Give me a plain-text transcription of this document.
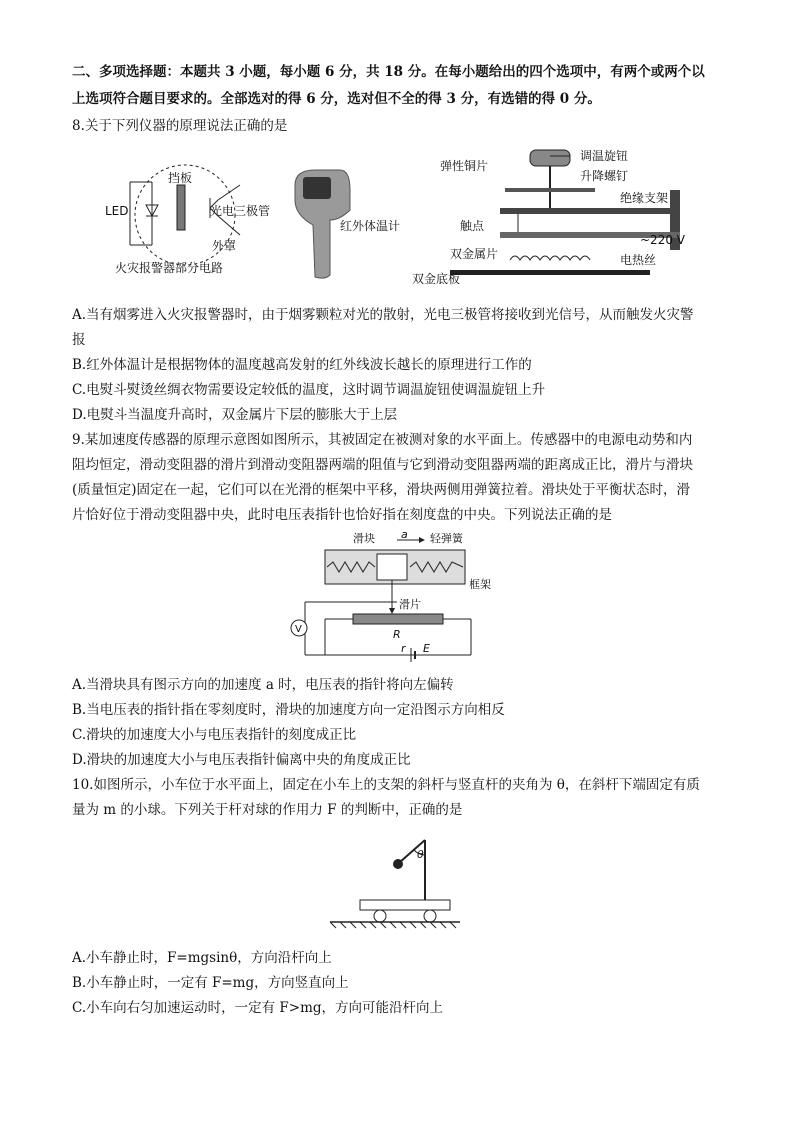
二、多项选择题：本题共 3 小题，每小题 6 分，共 18 分。在每小题给出的四个选项中，有两个或两个以
上选项符合题目要求的。全部选对的得 6 分，选对但不全的得 3 分，有选错的得 0 分。
8.关于下列仪器的原理说法正确的是
LED
挡板
光电三极管
外罩
火灾报警器部分电路
红外体温计
调温旋钮
升降螺钉
弹性铜片
绝缘支架
触点
~220 V
双金属片	电热丝
双金底板
A.当有烟雾进入火灾报警器时，由于烟雾颗粒对光的散射，光电三极管将接收到光信号，从而触发火灾警
报
B.红外体温计是根据物体的温度越高发射的红外线波长越长的原理进行工作的
C.电熨斗熨烫丝绸衣物需要设定较低的温度，这时调节调温旋钮使调温旋钮上升
D.电熨斗当温度升高时，双金属片下层的膨胀大于上层
9.某加速度传感器的原理示意图如图所示，其被固定在被测对象的水平面上。传感器中的电源电动势和内
阻均恒定，滑动变阻器的滑片到滑动变阻器两端的阻值与它到滑动变阻器两端的距离成正比，滑片与滑块
(质量恒定)固定在一起，它们可以在光滑的框架中平移，滑块两侧用弹簧拉着。滑块处于平衡状态时，滑
片恰好位于滑动变阻器中央，此时电压表指针也恰好指在刻度盘的中央。下列说法正确的是
滑块 a 轻弹簧
框架
滑片
R
V
r E
A.当滑块具有图示方向的加速度 a 时，电压表的指针将向左偏转
B.当电压表的指针指在零刻度时，滑块的加速度方向一定沿图示方向相反
C.滑块的加速度大小与电压表指针的刻度成正比
D.滑块的加速度大小与电压表指针偏离中央的角度成正比
10.如图所示，小车位于水平面上，固定在小车上的支架的斜杆与竖直杆的夹角为 θ，在斜杆下端固定有质
量为 m 的小球。下列关于杆对球的作用力 F 的判断中，正确的是
θ
A.小车静止时，F=mgsinθ，方向沿杆向上
B.小车静止时，一定有 F=mg，方向竖直向上
C.小车向右匀加速运动时，一定有 F>mg，方向可能沿杆向上
